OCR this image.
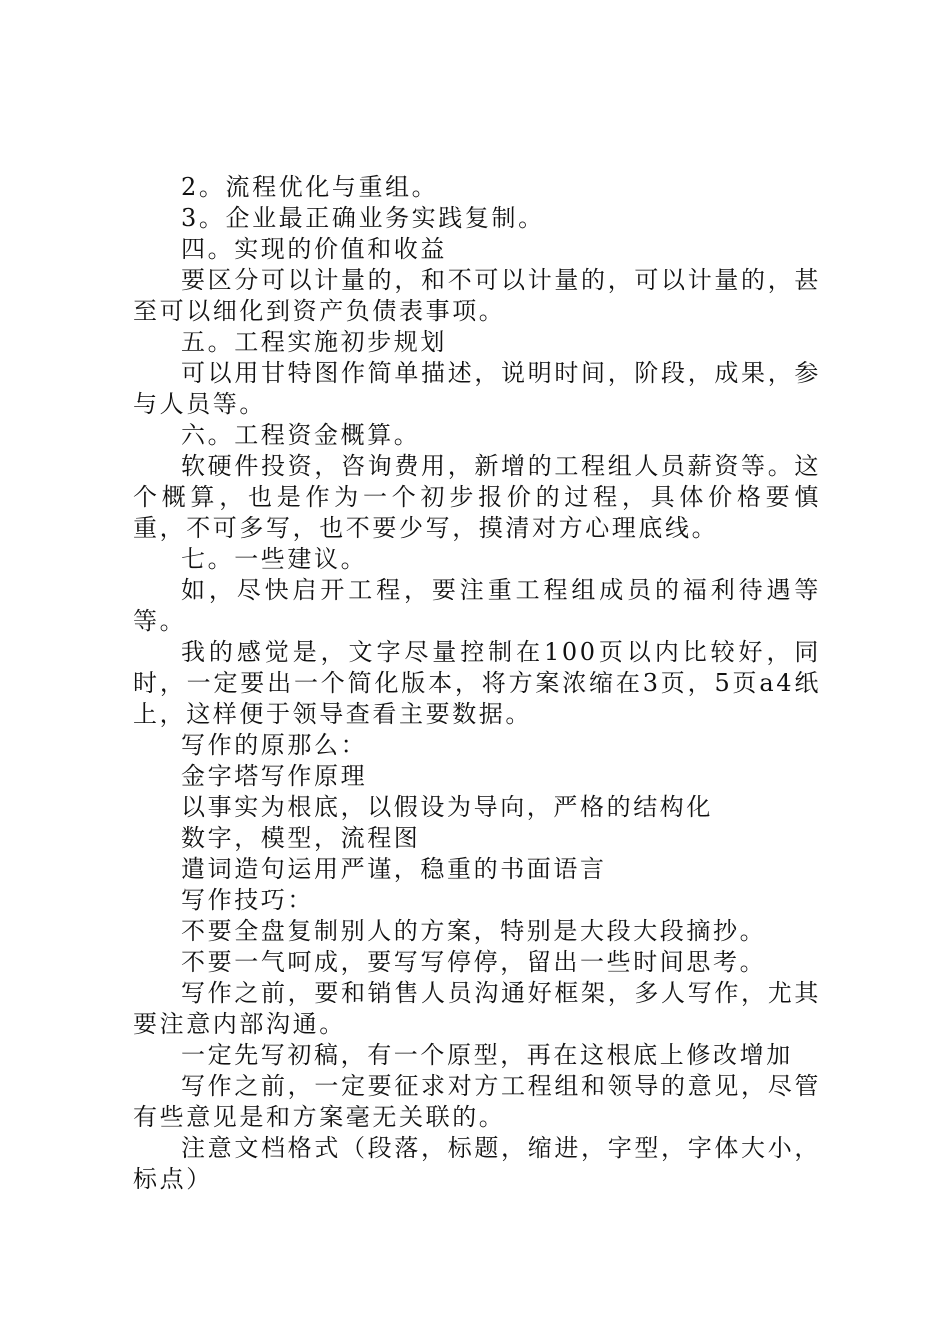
2。流程优化与重组。

3。企业最正确业务实践复制。

四。实现的价值和收益

要区分可以计量的，和不可以计量的，可以计量的，甚至可以细化到资产负债表事项。

五。工程实施初步规划

可以用甘特图作简单描述，说明时间，阶段，成果，参与人员等。

六。工程资金概算。

软硬件投资，咨询费用，新增的工程组人员薪资等。这个概算，也是作为一个初步报价的过程，具体价格要慎重，不可多写，也不要少写，摸清对方心理底线。

七。一些建议。

如，尽快启开工程，要注重工程组成员的福利待遇等等。

我的感觉是，文字尽量控制在100页以内比较好，同时，一定要出一个简化版本，将方案浓缩在3页，5页a4纸上，这样便于领导查看主要数据。

写作的原那么：

金字塔写作原理

以事实为根底，以假设为导向，严格的结构化

数字，模型，流程图

遣词造句运用严谨，稳重的书面语言

写作技巧：

不要全盘复制别人的方案，特别是大段大段摘抄。

不要一气呵成，要写写停停，留出一些时间思考。

写作之前，要和销售人员沟通好框架，多人写作，尤其要注意内部沟通。

一定先写初稿，有一个原型，再在这根底上修改增加

写作之前，一定要征求对方工程组和领导的意见，尽管有些意见是和方案毫无关联的。

注意文档格式（段落，标题，缩进，字型，字体大小，标点）
